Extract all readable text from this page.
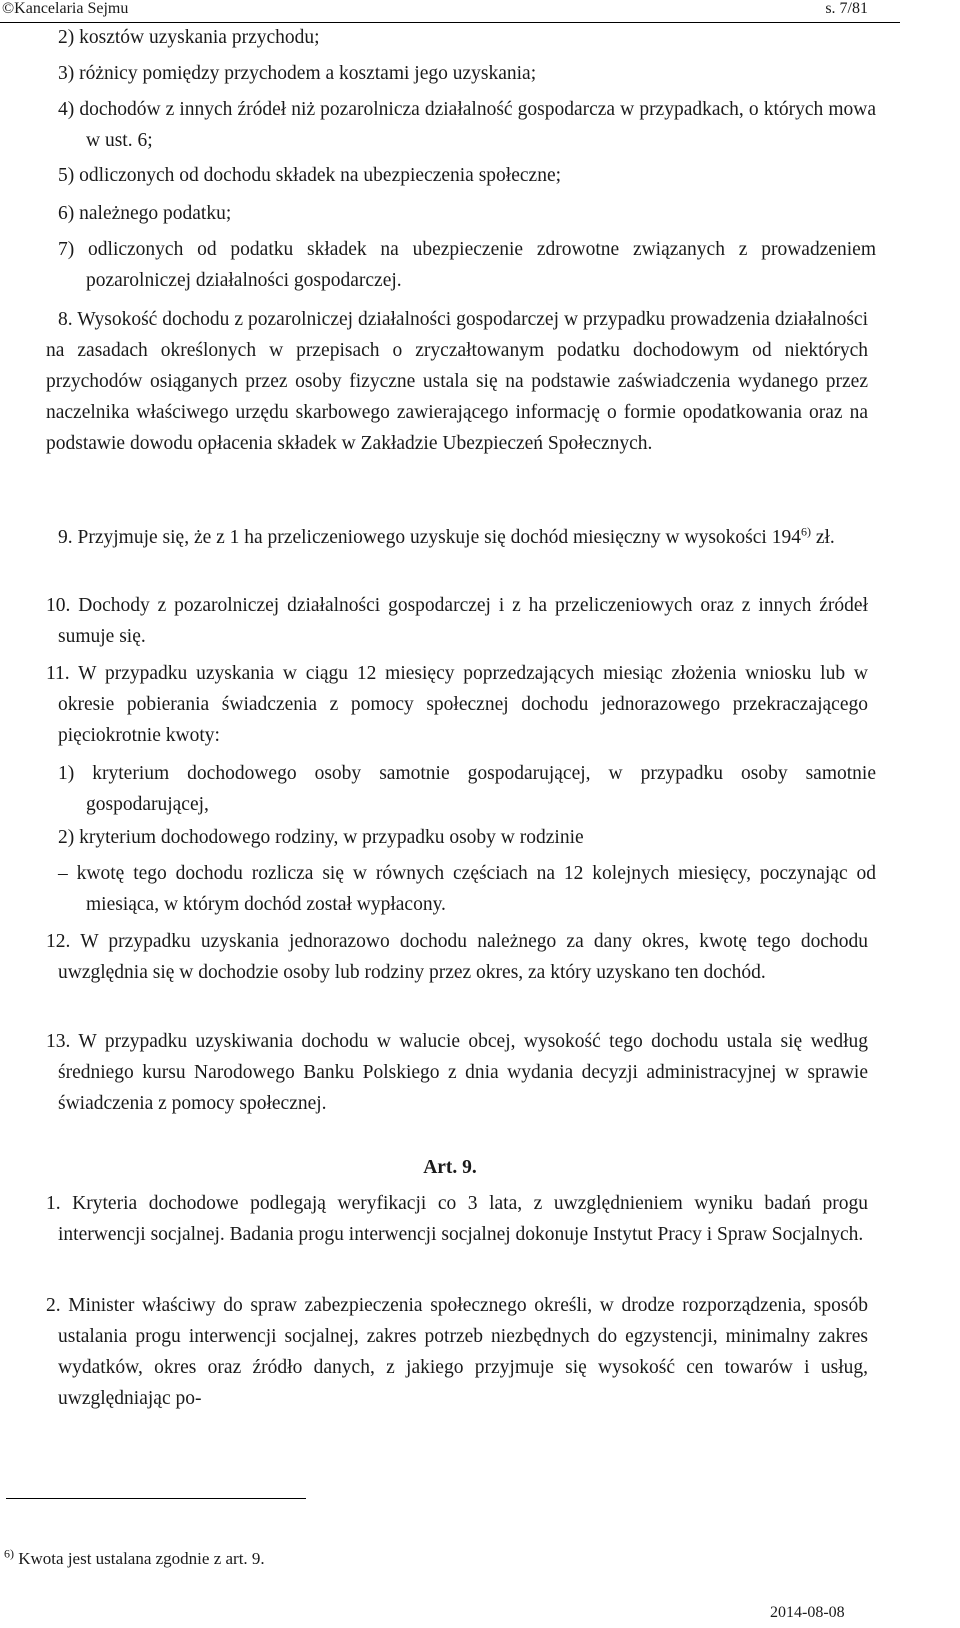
©Kancelaria Sejmu	s. 7/81

2) kosztów uzyskania przychodu;

3) różnicy pomiędzy przychodem a kosztami jego uzyskania;

4) dochodów z innych źródeł niż pozarolnicza działalność gospodarcza w przypadkach, o których mowa w ust. 6;

5) odliczonych od dochodu składek na ubezpieczenia społeczne;

6) należnego podatku;

7) odliczonych od podatku składek na ubezpieczenie zdrowotne związanych z prowadzeniem pozarolniczej działalności gospodarczej.

8. Wysokość dochodu z pozarolniczej działalności gospodarczej w przypadku prowadzenia działalności na zasadach określonych w przepisach o zryczałtowanym podatku dochodowym od niektórych przychodów osiąganych przez osoby fizyczne ustala się na podstawie zaświadczenia wydanego przez naczelnika właściwego urzędu skarbowego zawierającego informację o formie opodatkowania oraz na podstawie dowodu opłacenia składek w Zakładzie Ubezpieczeń Społecznych.

9. Przyjmuje się, że z 1 ha przeliczeniowego uzyskuje się dochód miesięczny w wysokości 194$^{6)}$ zł.

10. Dochody z pozarolniczej działalności gospodarczej i z ha przeliczeniowych oraz z innych źródeł sumuje się.

11. W przypadku uzyskania w ciągu 12 miesięcy poprzedzających miesiąc złożenia wniosku lub w okresie pobierania świadczenia z pomocy społecznej dochodu jednorazowego przekraczającego pięciokrotnie kwoty:

1) kryterium dochodowego osoby samotnie gospodarującej, w przypadku osoby samotnie gospodarującej,

2) kryterium dochodowego rodziny, w przypadku osoby w rodzinie

– kwotę tego dochodu rozlicza się w równych częściach na 12 kolejnych miesięcy, poczynając od miesiąca, w którym dochód został wypłacony.

12. W przypadku uzyskania jednorazowo dochodu należnego za dany okres, kwotę tego dochodu uwzględnia się w dochodzie osoby lub rodziny przez okres, za który uzyskano ten dochód.

13. W przypadku uzyskiwania dochodu w walucie obcej, wysokość tego dochodu ustala się według średniego kursu Narodowego Banku Polskiego z dnia wydania decyzji administracyjnej w sprawie świadczenia z pomocy społecznej.

Art. 9.

1. Kryteria dochodowe podlegają weryfikacji co 3 lata, z uwzględnieniem wyniku badań progu interwencji socjalnej. Badania progu interwencji socjalnej dokonuje Instytut Pracy i Spraw Socjalnych.

2. Minister właściwy do spraw zabezpieczenia społecznego określi, w drodze rozporządzenia, sposób ustalania progu interwencji socjalnej, zakres potrzeb niezbędnych do egzystencji, minimalny zakres wydatków, okres oraz źródło danych, z jakiego przyjmuje się wysokość cen towarów i usług, uwzględniając po-

$^{6)}$ Kwota jest ustalana zgodnie z art. 9.
2014-08-08
